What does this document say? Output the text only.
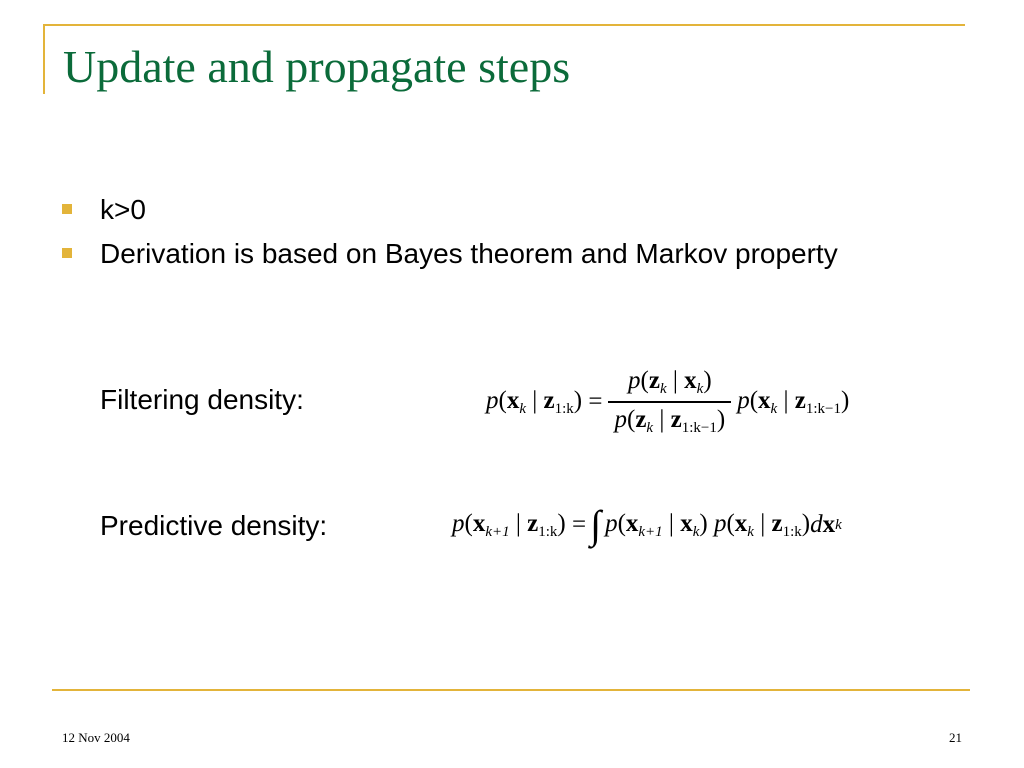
Update and propagate steps
k>0
Derivation is based on Bayes theorem and Markov property
Filtering density:	$p(x_k$ | $z_{1:k}$)
= $\frac{p(z_k | x_k)}{p(z_k | z_{1:k-1})} p(x_k$ | $z_{1:k-1}$)
Predictive density:	$p(x_{k+1}$ | $z_{1:k}$)
= ∫ $p(x_{k+1}$ | $x_k$)
$p(x_k$ | $z_{1:k}$) d x k
12 Nov 2004	21
